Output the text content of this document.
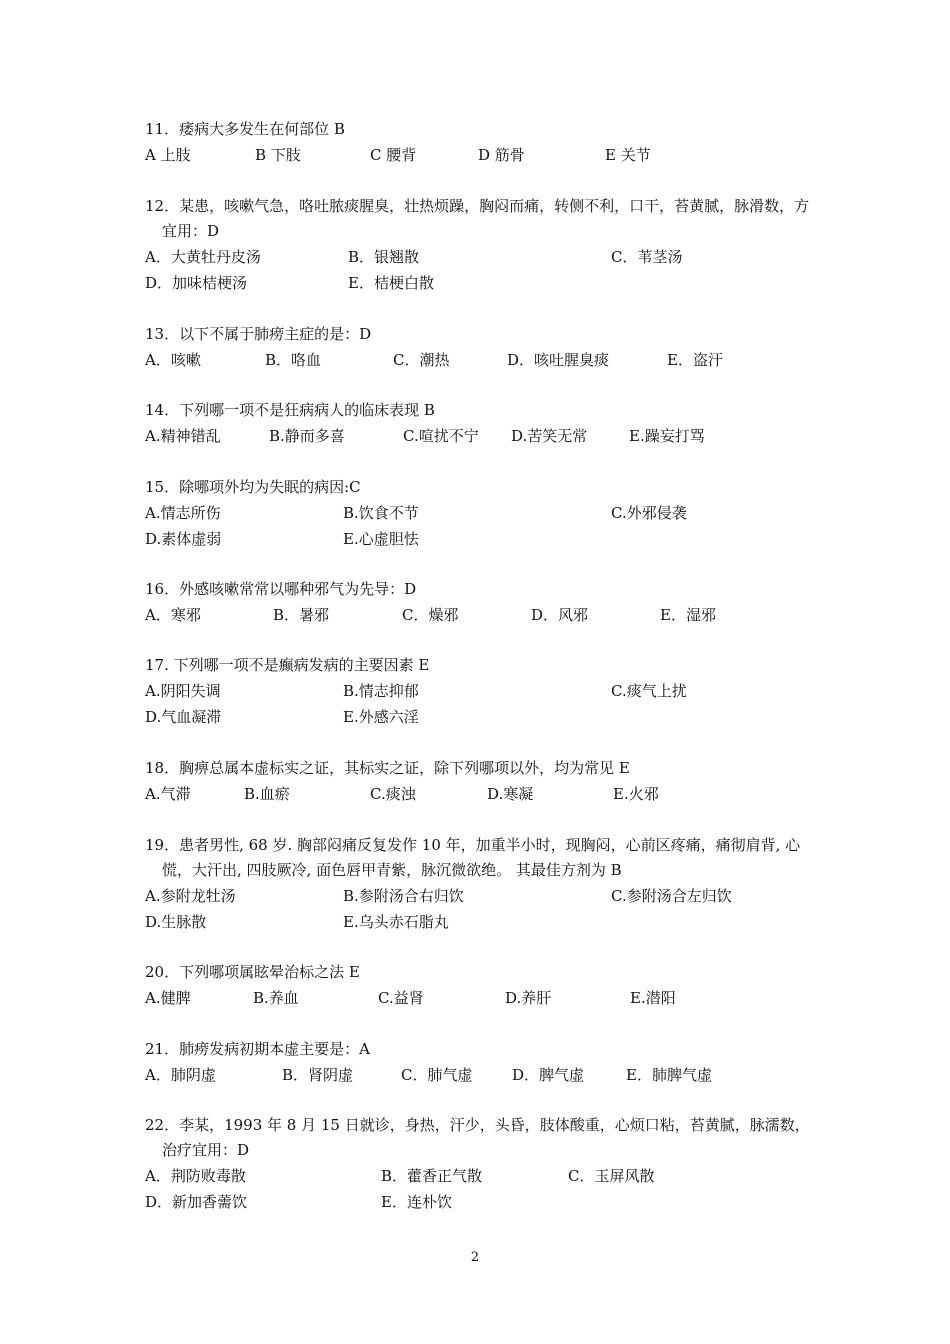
11．痿病大多发生在何部位 B
A 上肢	B 下肢	C 腰背	D 筋骨	E 关节
12．某患，咳嗽气急，咯吐脓痰腥臭，壮热烦躁，胸闷而痛，转侧不利，口干，苔黄腻，脉滑数，方宜用：D
A．大黄牡丹皮汤	B．银翘散	C．苇茎汤
D．加味桔梗汤	E．桔梗白散
13．以下不属于肺痨主症的是：D
A．咳嗽	B．咯血	C．潮热	D．咳吐腥臭痰	E．盗汗
14．下列哪一项不是狂病病人的临床表现 B
A.精神错乱	B.静而多喜	C.喧扰不宁 D.苦笑无常	E.躁妄打骂
15．除哪项外均为失眠的病因:C
A.情志所伤	B.饮食不节	C.外邪侵袭
D.素体虚弱	E.心虚胆怯
16．外感咳嗽常常以哪种邪气为先导：D
A．寒邪	B．暑邪	C．燥邪	D．风邪	E．湿邪
17. 下列哪一项不是癫病发病的主要因素 E
A.阴阳失调	B.情志抑郁	C.痰气上扰
D.气血凝滞	E.外感六淫
18．胸痹总属本虚标实之证，其标实之证，除下列哪项以外，均为常见 E
A.气滞	B.血瘀	C.痰浊	D.寒凝	E.火邪
19．患者男性, 68 岁. 胸部闷痛反复发作 10 年，加重半小时，现胸闷，心前区疼痛，痛彻肩背, 心慌，大汗出, 四肢厥冷, 面色唇甲青紫，脉沉微欲绝。 其最佳方剂为 B
A.参附龙牡汤	B.参附汤合右归饮	C.参附汤合左归饮
D.生脉散	E.乌头赤石脂丸
20．下列哪项属眩晕治标之法 E
A.健脾	B.养血	C.益肾	D.养肝	E.潜阳
21．肺痨发病初期本虚主要是：A
A．肺阴虚	B．肾阴虚	C．肺气虚	D．脾气虚	E．肺脾气虚
22．李某，1993 年 8 月 15 日就诊，身热，汗少，头昏，肢体酸重，心烦口粘，苔黄腻，脉濡数，治疗宜用：D
A．荆防败毒散	B．藿香正气散	C．玉屏风散
D．新加香薷饮	E．连朴饮
2
